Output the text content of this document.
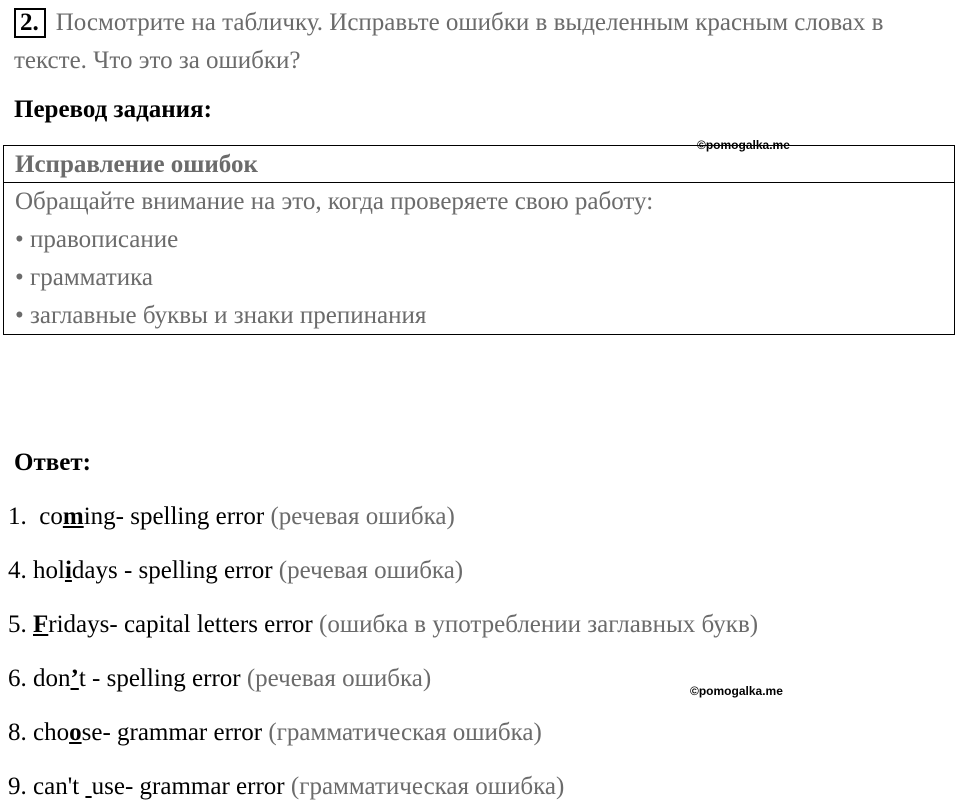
2. Посмотрите на табличку. Исправьте ошибки в выделенным красным словах в тексте. Что это за ошибки?
Перевод задания:
©pomogalka.me
Исправление ошибок
Обращайте внимание на это, когда проверяете свою работу:
• правописание
• грамматика
• заглавные буквы и знаки препинания
Ответ:
1. coming- spelling error (речевая ошибка)
4. holidays - spelling error (речевая ошибка)
5. Fridays- capital letters error (ошибка в употреблении заглавных букв)
6. don’t - spelling error (речевая ошибка)
8. choose- grammar error (грамматическая ошибка)
9. can't  use- grammar error (грамматическая ошибка)
©pomogalka.me
